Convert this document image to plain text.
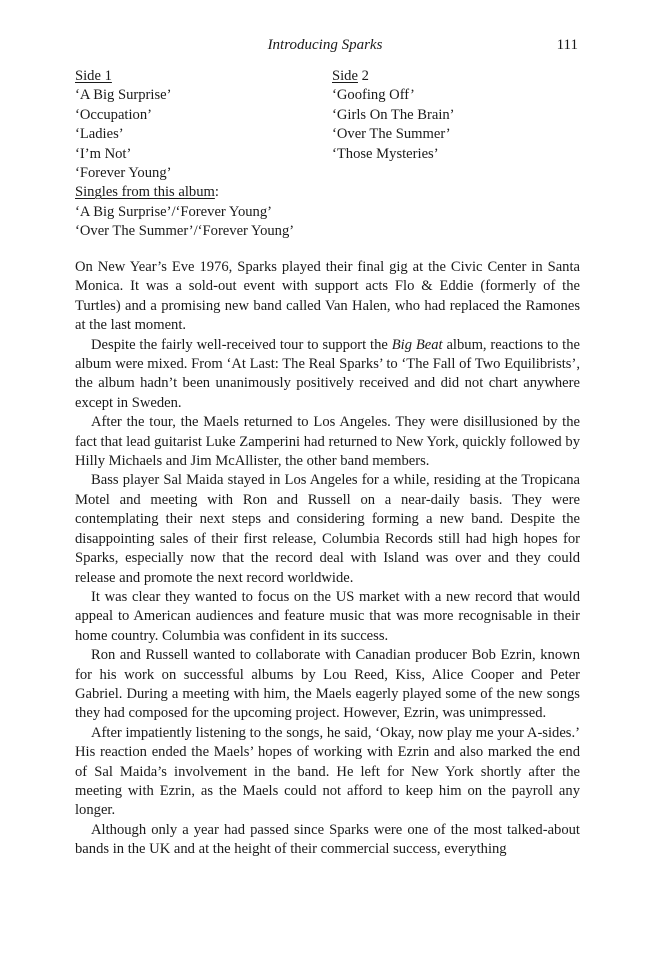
Introducing Sparks	111
Side 1
‘A Big Surprise’
‘Occupation’
‘Ladies’
‘I’m Not’
‘Forever Young’
Singles from this album:
‘A Big Surprise’/‘Forever Young’
‘Over The Summer’/‘Forever Young’
Side 2
‘Goofing Off’
‘Girls On The Brain’
‘Over The Summer’
‘Those Mysteries’

On New Year’s Eve 1976, Sparks played their final gig at the Civic Center in Santa Monica. It was a sold-out event with support acts Flo & Eddie (formerly of the Turtles) and a promising new band called Van Halen, who had replaced the Ramones at the last moment.

Despite the fairly well-received tour to support the Big Beat album, reactions to the album were mixed. From ‘At Last: The Real Sparks’ to ‘The Fall of Two Equilibrists’, the album hadn’t been unanimously positively received and did not chart anywhere except in Sweden.

After the tour, the Maels returned to Los Angeles. They were disillusioned by the fact that lead guitarist Luke Zamperini had returned to New York, quickly followed by Hilly Michaels and Jim McAllister, the other band members.

Bass player Sal Maida stayed in Los Angeles for a while, residing at the Tropicana Motel and meeting with Ron and Russell on a near-daily basis. They were contemplating their next steps and considering forming a new band. Despite the disappointing sales of their first release, Columbia Records still had high hopes for Sparks, especially now that the record deal with Island was over and they could release and promote the next record worldwide.

It was clear they wanted to focus on the US market with a new record that would appeal to American audiences and feature music that was more recognisable in their home country. Columbia was confident in its success.

Ron and Russell wanted to collaborate with Canadian producer Bob Ezrin, known for his work on successful albums by Lou Reed, Kiss, Alice Cooper and Peter Gabriel. During a meeting with him, the Maels eagerly played some of the new songs they had composed for the upcoming project. However, Ezrin, was unimpressed.

After impatiently listening to the songs, he said, ‘Okay, now play me your A-sides.’ His reaction ended the Maels’ hopes of working with Ezrin and also marked the end of Sal Maida’s involvement in the band. He left for New York shortly after the meeting with Ezrin, as the Maels could not afford to keep him on the payroll any longer.

Although only a year had passed since Sparks were one of the most talked-about bands in the UK and at the height of their commercial success, everything
